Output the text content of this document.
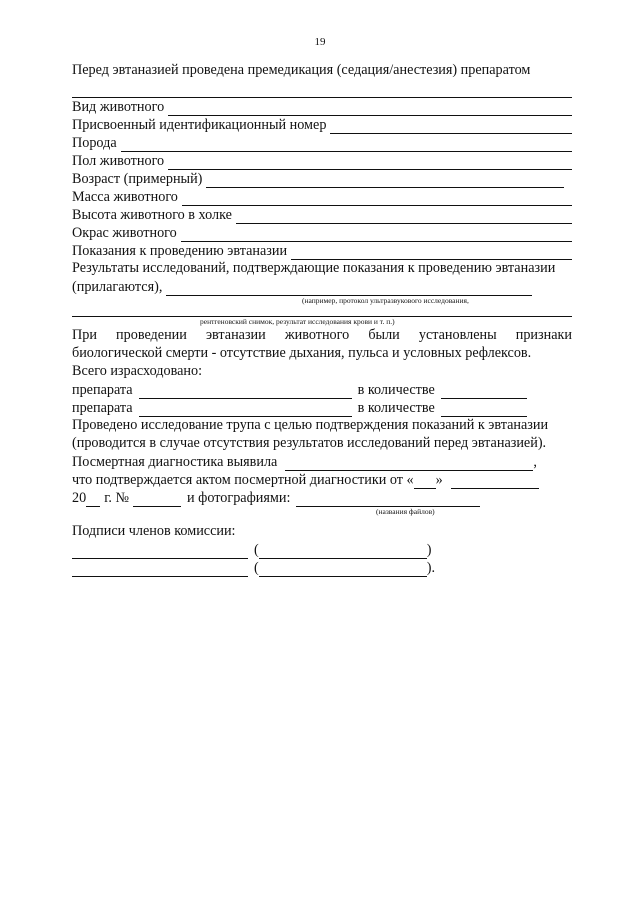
19
Перед эвтаназией проведена премедикация (седация/анестезия) препаратом
Вид животного
Присвоенный идентификационный номер
Порода
Пол животного
Возраст (примерный)
Масса животного
Высота животного в холке
Окрас животного
Показания к проведению эвтаназии
Результаты исследований, подтверждающие показания к проведению эвтаназии
(прилагаются),
(например, протокол ультразвукового исследования,
рентгеновский снимок, результат исследования крови и т. п.)
При проведении эвтаназии животного были установлены признаки
биологической смерти - отсутствие дыхания, пульса и условных рефлексов.
Всего израсходовано:
препарата	в количестве
препарата	в количестве
Проведено исследование трупа с целью подтверждения показаний к эвтаназии
(проводится в случае отсутствия результатов исследований перед эвтаназией).
Посмертная диагностика выявила	,
что подтверждается актом посмертной диагностики от « »
20 г. №	и фотографиями:
(названия файлов)
Подписи членов комиссии:
(	)
(	).
